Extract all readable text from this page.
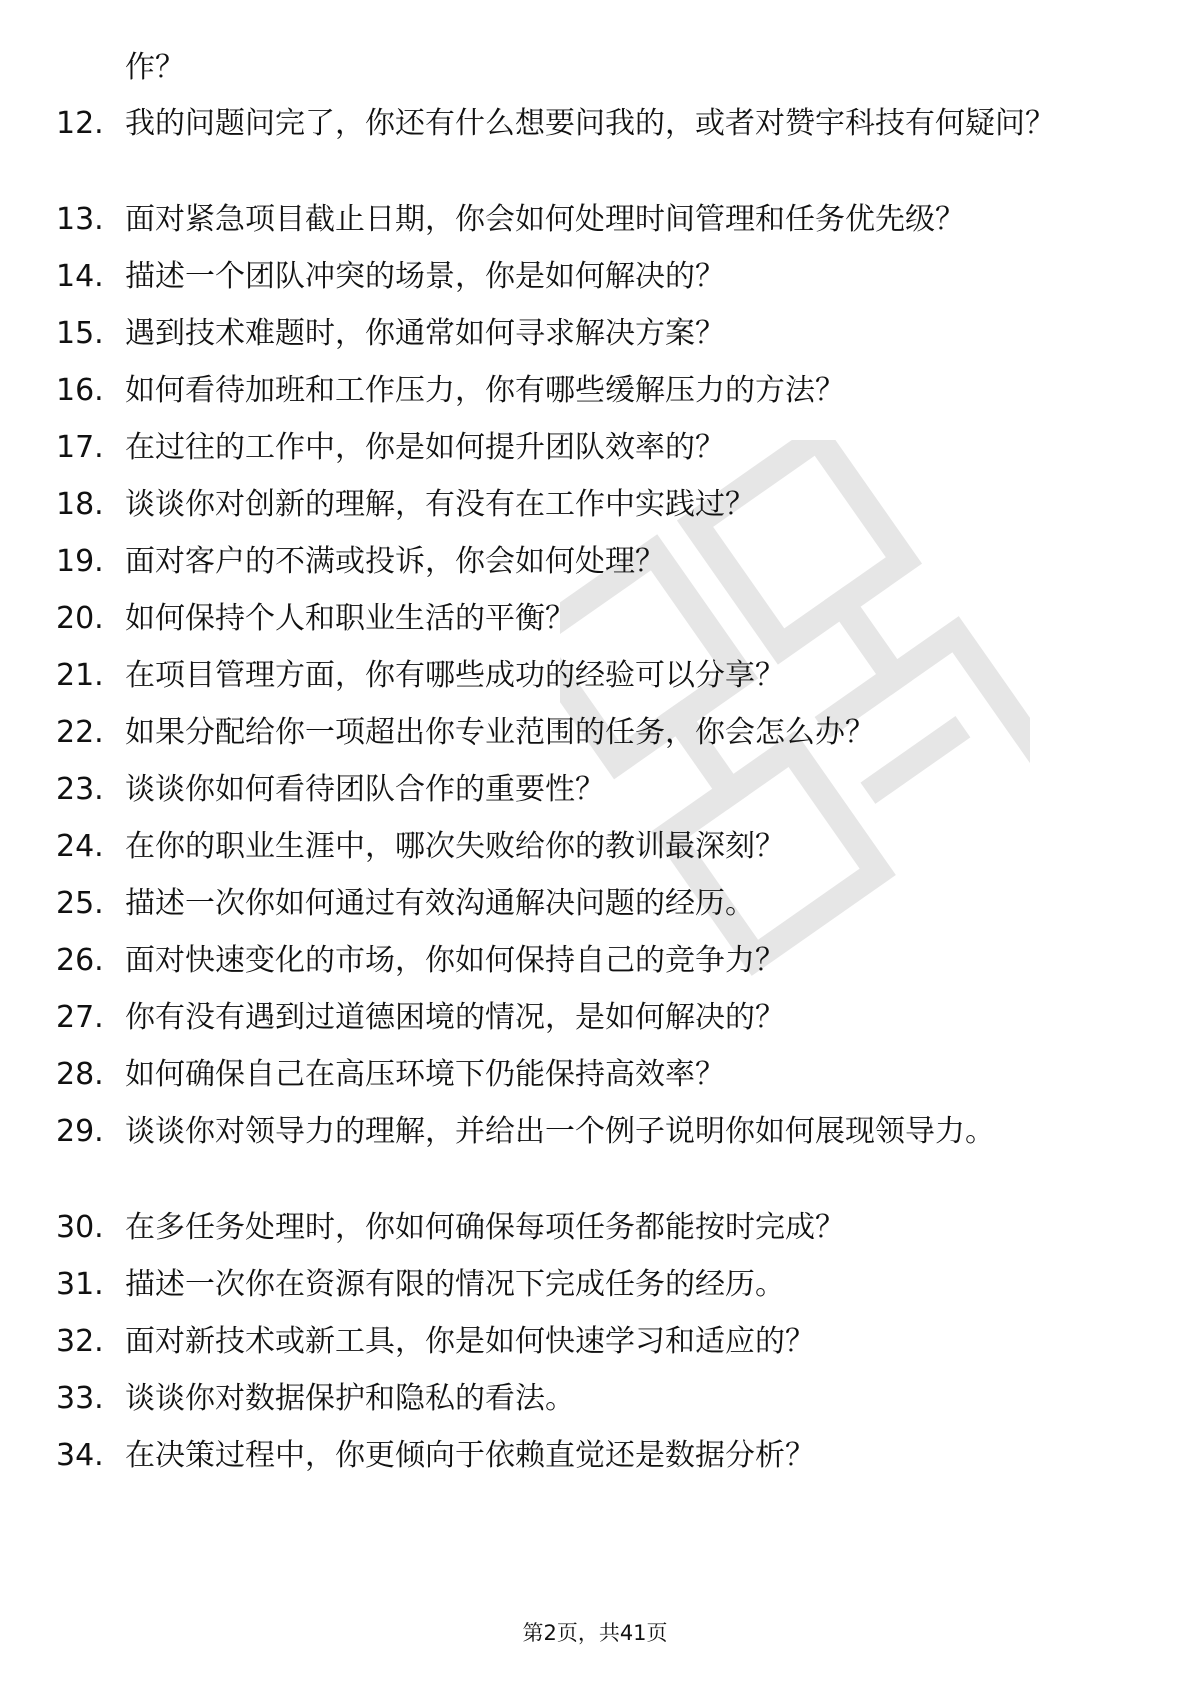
作？
12. 我的问题问完了，你还有什么想要问我的，或者对赞宇科技有何疑问？
13. 面对紧急项目截止日期，你会如何处理时间管理和任务优先级？
14. 描述一个团队冲突的场景，你是如何解决的？
15. 遇到技术难题时，你通常如何寻求解决方案？
16. 如何看待加班和工作压力，你有哪些缓解压力的方法？
17. 在过往的工作中，你是如何提升团队效率的？
18. 谈谈你对创新的理解，有没有在工作中实践过？
19. 面对客户的不满或投诉，你会如何处理？
20. 如何保持个人和职业生活的平衡？
21. 在项目管理方面，你有哪些成功的经验可以分享？
22. 如果分配给你一项超出你专业范围的任务，你会怎么办？
23. 谈谈你如何看待团队合作的重要性？
24. 在你的职业生涯中，哪次失败给你的教训最深刻？
25. 描述一次你如何通过有效沟通解决问题的经历。
26. 面对快速变化的市场，你如何保持自己的竞争力？
27. 你有没有遇到过道德困境的情况，是如何解决的？
28. 如何确保自己在高压环境下仍能保持高效率？
29. 谈谈你对领导力的理解，并给出一个例子说明你如何展现领导力。
30. 在多任务处理时，你如何确保每项任务都能按时完成？
31. 描述一次你在资源有限的情况下完成任务的经历。
32. 面对新技术或新工具，你是如何快速学习和适应的？
33. 谈谈你对数据保护和隐私的看法。
34. 在决策过程中，你更倾向于依赖直觉还是数据分析？
第2页，共41页
